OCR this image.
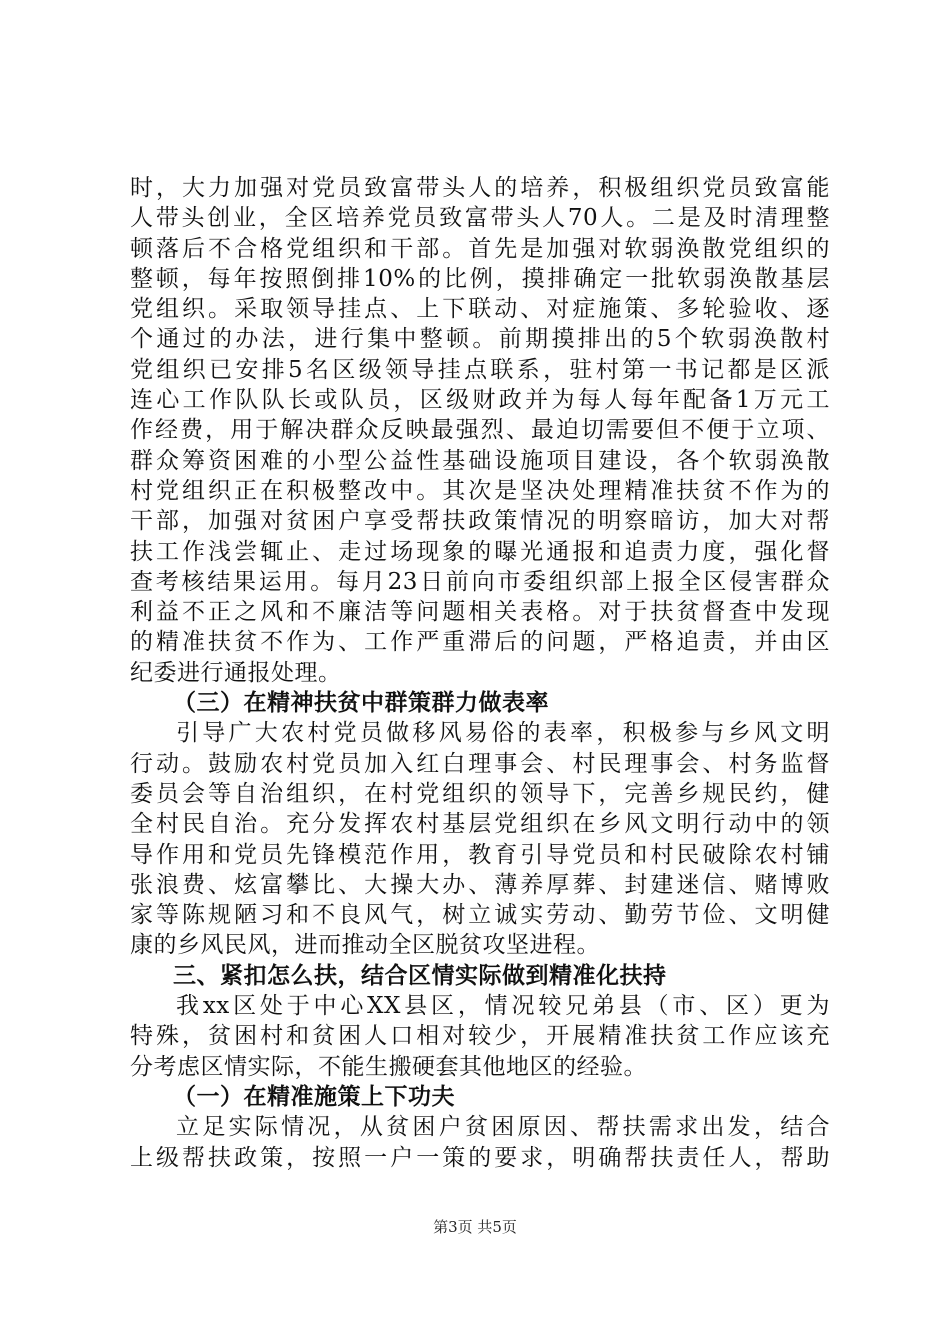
时，大力加强对党员致富带头人的培养，积极组织党员致富能
人带头创业，全区培养党员致富带头人70人。二是及时清理整
顿落后不合格党组织和干部。首先是加强对软弱涣散党组织的
整顿，每年按照倒排10%的比例，摸排确定一批软弱涣散基层
党组织。采取领导挂点、上下联动、对症施策、多轮验收、逐
个通过的办法，进行集中整顿。前期摸排出的5个软弱涣散村
党组织已安排5名区级领导挂点联系，驻村第一书记都是区派
连心工作队队长或队员，区级财政并为每人每年配备1万元工
作经费，用于解决群众反映最强烈、最迫切需要但不便于立项、
群众筹资困难的小型公益性基础设施项目建设，各个软弱涣散
村党组织正在积极整改中。其次是坚决处理精准扶贫不作为的
干部，加强对贫困户享受帮扶政策情况的明察暗访，加大对帮
扶工作浅尝辄止、走过场现象的曝光通报和追责力度，强化督
查考核结果运用。每月23日前向市委组织部上报全区侵害群众
利益不正之风和不廉洁等问题相关表格。对于扶贫督查中发现
的精准扶贫不作为、工作严重滞后的问题，严格追责，并由区
纪委进行通报处理。
（三）在精神扶贫中群策群力做表率
引导广大农村党员做移风易俗的表率，积极参与乡风文明
行动。鼓励农村党员加入红白理事会、村民理事会、村务监督
委员会等自治组织，在村党组织的领导下，完善乡规民约，健
全村民自治。充分发挥农村基层党组织在乡风文明行动中的领
导作用和党员先锋模范作用，教育引导党员和村民破除农村铺
张浪费、炫富攀比、大操大办、薄养厚葬、封建迷信、赌博败
家等陈规陋习和不良风气，树立诚实劳动、勤劳节俭、文明健
康的乡风民风，进而推动全区脱贫攻坚进程。
三、紧扣怎么扶，结合区情实际做到精准化扶持
我xx区处于中心XX县区，情况较兄弟县（市、区）更为
特殊，贫困村和贫困人口相对较少，开展精准扶贫工作应该充
分考虑区情实际，不能生搬硬套其他地区的经验。
（一）在精准施策上下功夫
立足实际情况，从贫困户贫困原因、帮扶需求出发，结合
上级帮扶政策，按照一户一策的要求，明确帮扶责任人，帮助
第3页 共5页
